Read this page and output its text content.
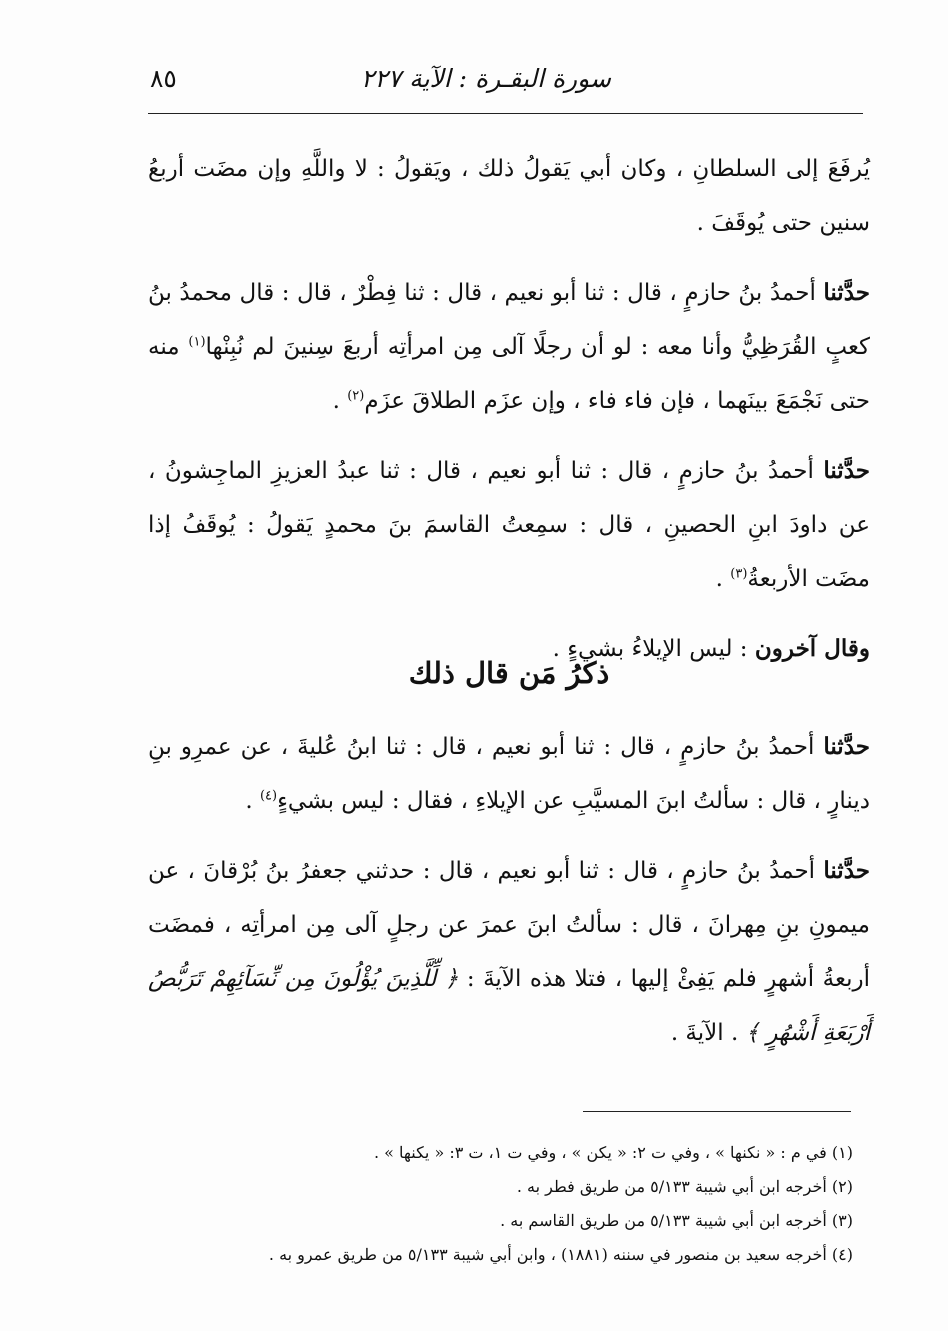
سورة البقـرة : الآية ٢٢٧
٨٥

يُرفَعَ إلى السلطانِ ، وكان أبي يَقولُ ذلك ، ويَقولُ : لا واللَّهِ وإن مضَت أربعُ سنين حتى يُوقَفَ .

حدَّثنا أحمدُ بنُ حازمٍ ، قال : ثنا أبو نعيم ، قال : ثنا فِطْرٌ ، قال : قال محمدُ بنُ كعبٍ القُرَظِيُّ وأنا معه : لو أن رجلًا آلى مِن امرأتِه أربعَ سِنينَ لم نُبِنْها$^{(١)}$ منه حتى نَجْمَعَ بينَهما ، فإن فاء فاء ، وإن عزَم الطلاقَ عزَم$^{(٢)}$ .

حدَّثنا أحمدُ بنُ حازمٍ ، قال : ثنا أبو نعيم ، قال : ثنا عبدُ العزيزِ الماجِشونُ ، عن داودَ ابنِ الحصينِ ، قال : سمِعتُ القاسمَ بنَ محمدٍ يَقولُ : يُوقَفُ إذا مضَت الأربعةُ$^{(٣)}$ .

وقال آخرون : ليس الإيلاءُ بشيءٍ .

ذكرُ مَن قال ذلك

حدَّثنا أحمدُ بنُ حازمٍ ، قال : ثنا أبو نعيم ، قال : ثنا ابنُ عُليةَ ، عن عمرِو بنِ دينارٍ ، قال : سألتُ ابنَ المسيَّبِ عن الإيلاءِ ، فقال : ليس بشيءٍ$^{(٤)}$ .

حدَّثنا أحمدُ بنُ حازمٍ ، قال : ثنا أبو نعيم ، قال : حدثني جعفرُ بنُ بُرْقانَ ، عن ميمونِ بنِ مِهرانَ ، قال : سألتُ ابنَ عمرَ عن رجلٍ آلى مِن امرأتِه ، فمضَت أربعةُ أشهرٍ فلم يَفِئْ إليها ، فتلا هذه الآيةَ : ﴿ لِّلَّذِينَ يُؤْلُونَ مِن نِّسَآئِهِمْ تَرَبُّصُ أَرْبَعَةِ أَشْهُرٍ ﴾ . الآيةَ .

(١) في م : « نكنها » ، وفي ت ٢: « يكن » ، وفي ت ١، ت ٣: « يكنها » .

(٢) أخرجه ابن أبي شيبة ٥/١٣٣ من طريق فطر به .

(٣) أخرجه ابن أبي شيبة ٥/١٣٣ من طريق القاسم به .

(٤) أخرجه سعيد بن منصور في سننه (١٨٨١) ، وابن أبي شيبة ٥/١٣٣ من طريق عمرو به .
